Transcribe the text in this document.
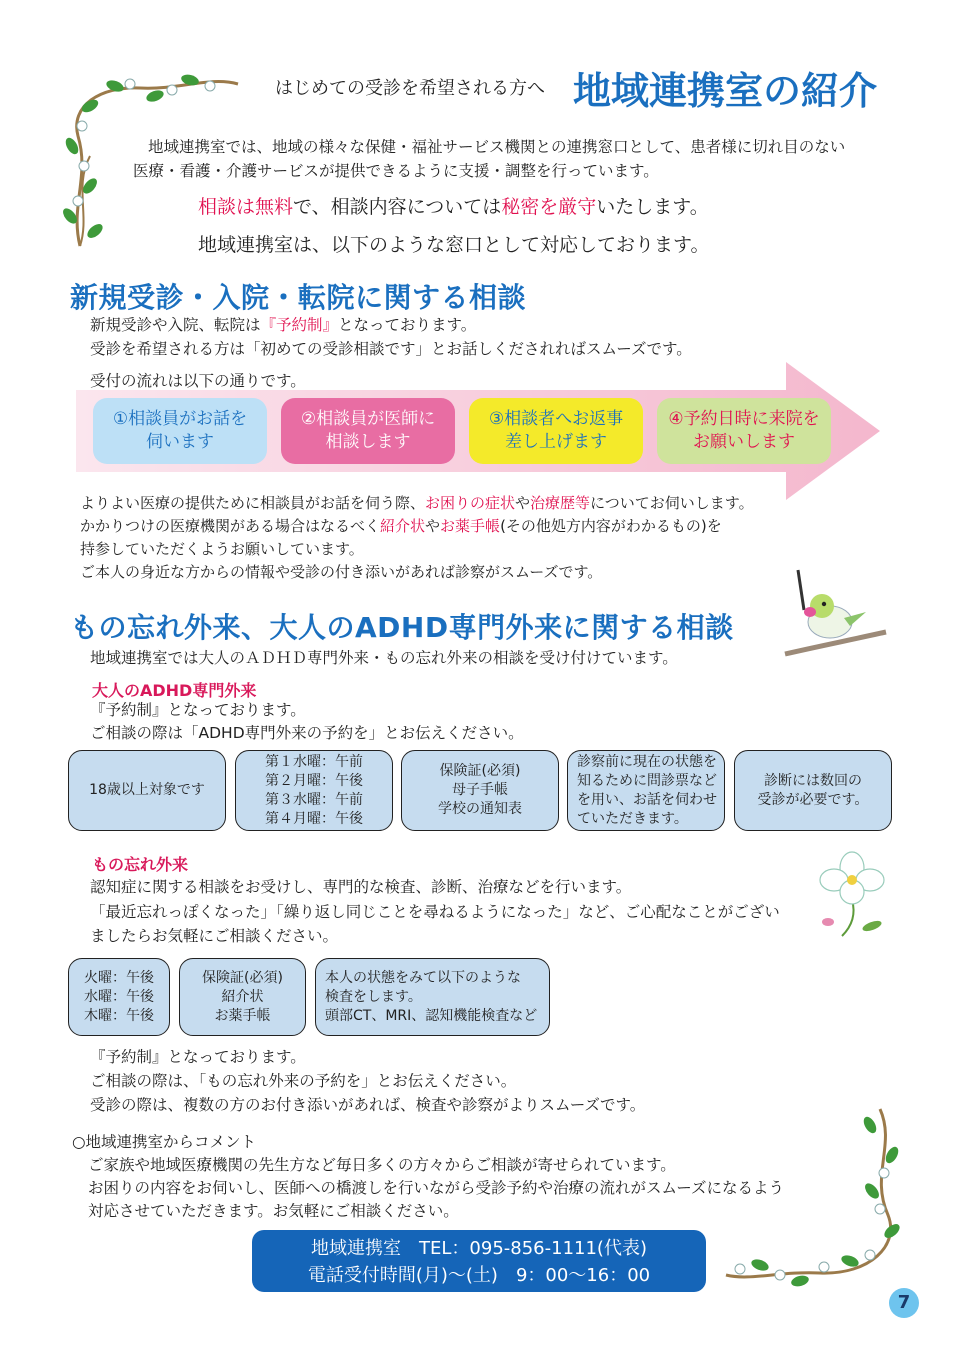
はじめての受診を希望される方へ 地域連携室の紹介
地域連携室では、地域の様々な保健・福祉サービス機関との連携窓口として、患者様に切れ目のない
医療・看護・介護サービスが提供できるように支援・調整を行っています。
相談は無料で、相談内容については秘密を厳守いたします。
地域連携室は、以下のような窓口として対応しております。
新規受診・入院・転院に関する相談
新規受診や入院、転院は『予約制』となっております。
受診を希望される方は「初めての受診相談です」とお話しくだされればスムーズです。
受付の流れは以下の通りです。
①相談員がお話を
伺います
②相談員が医師に
相談します
③相談者へお返事
差し上げます
④予約日時に来院を
お願いします
よりよい医療の提供ために相談員がお話を伺う際、お困りの症状や治療歴等についてお伺いします。
かかりつけの医療機関がある場合はなるべく紹介状やお薬手帳(その他処方内容がわかるもの)を
持参していただくようお願いしています。
ご本人の身近な方からの情報や受診の付き添いがあれば診察がスムーズです。
もの忘れ外来、大人のADHD専門外来に関する相談
地域連携室では大人のＡＤＨＤ専門外来・もの忘れ外来の相談を受け付けています。
大人のADHD専門外来
『予約制』となっております。
ご相談の際は「ADHD専門外来の予約を」とお伝えください。
18歳以上対象です
第１水曜：午前
第２月曜：午後
第３水曜：午前
第４月曜：午後
保険証(必須)
母子手帳
学校の通知表
診察前に現在の状態を
知るために問診票など
を用い、お話を伺わせ
ていただきます。
診断には数回の
受診が必要です。
もの忘れ外来
認知症に関する相談をお受けし、専門的な検査、診断、治療などを行います。
「最近忘れっぽくなった」「繰り返し同じことを尋ねるようになった」など、ご心配なことがござい
ましたらお気軽にご相談ください。
火曜：午後
水曜：午後
木曜：午後
保険証(必須)
紹介状
お薬手帳
本人の状態をみて以下のような
検査をします。
頭部CT、MRI、認知機能検査など
『予約制』となっております。
ご相談の際は、「もの忘れ外来の予約を」とお伝えください。
受診の際は、複数の方のお付き添いがあれば、検査や診察がよりスムーズです。
○地域連携室からコメント
ご家族や地域医療機関の先生方など毎日多くの方々からご相談が寄せられています。
お困りの内容をお伺いし、医師への橋渡しを行いながら受診予約や治療の流れがスムーズになるよう
対応させていただきます。お気軽にご相談ください。
地域連携室　TEL：095-856-1111(代表)
電話受付時間(月)〜(土)　9：00〜16：00
7
